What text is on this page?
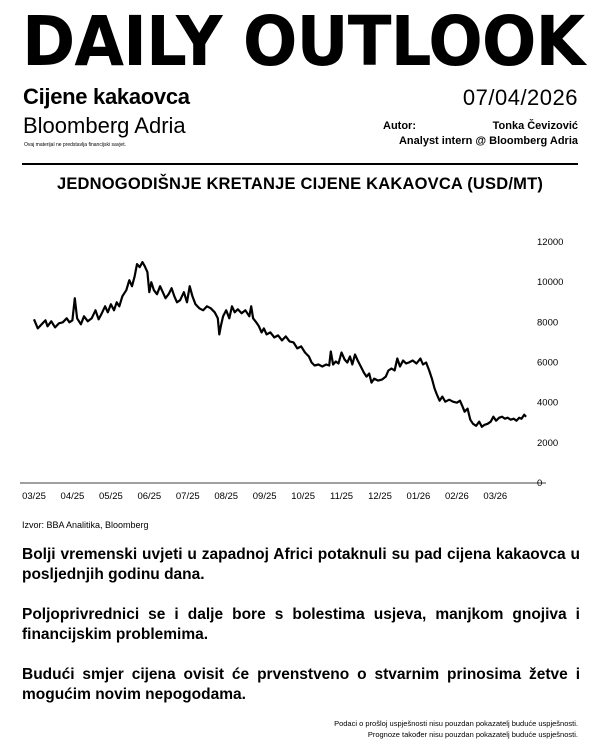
DAILY OUTLOOK
Cijene kakaovca	07/04/2026
Bloomberg Adria
Ovaj materijal ne predstavlja financijski savjet.
Autor:	Tonka Čevizović
Analyst intern @ Bloomberg Adria
JEDNOGODIŠNJE KRETANJE CIJENE KAKAOVCA (USD/MT)
03/25 04/25 05/25 06/25 07/25 08/25 09/25 10/25 11/25 12/25 01/26 02/26 03/26
0
2000
4000
6000
8000
10000
12000
Izvor: BBA Analitika, Bloomberg

Bolji vremenski uvjeti u zapadnoj Africi potaknuli su pad cijena kakaovca u posljednjih godinu dana.

Poljoprivrednici se i dalje bore s bolestima usjeva, manjkom gnojiva i financijskim problemima.

Budući smjer cijena ovisit će prvenstveno o stvarnim prinosima žetve i mogućim novim nepogodama.

Podaci o prošloj uspješnosti nisu pouzdan pokazatelj buduće uspješnosti.
Prognoze također nisu pouzdan pokazatelj buduće uspješnosti.
